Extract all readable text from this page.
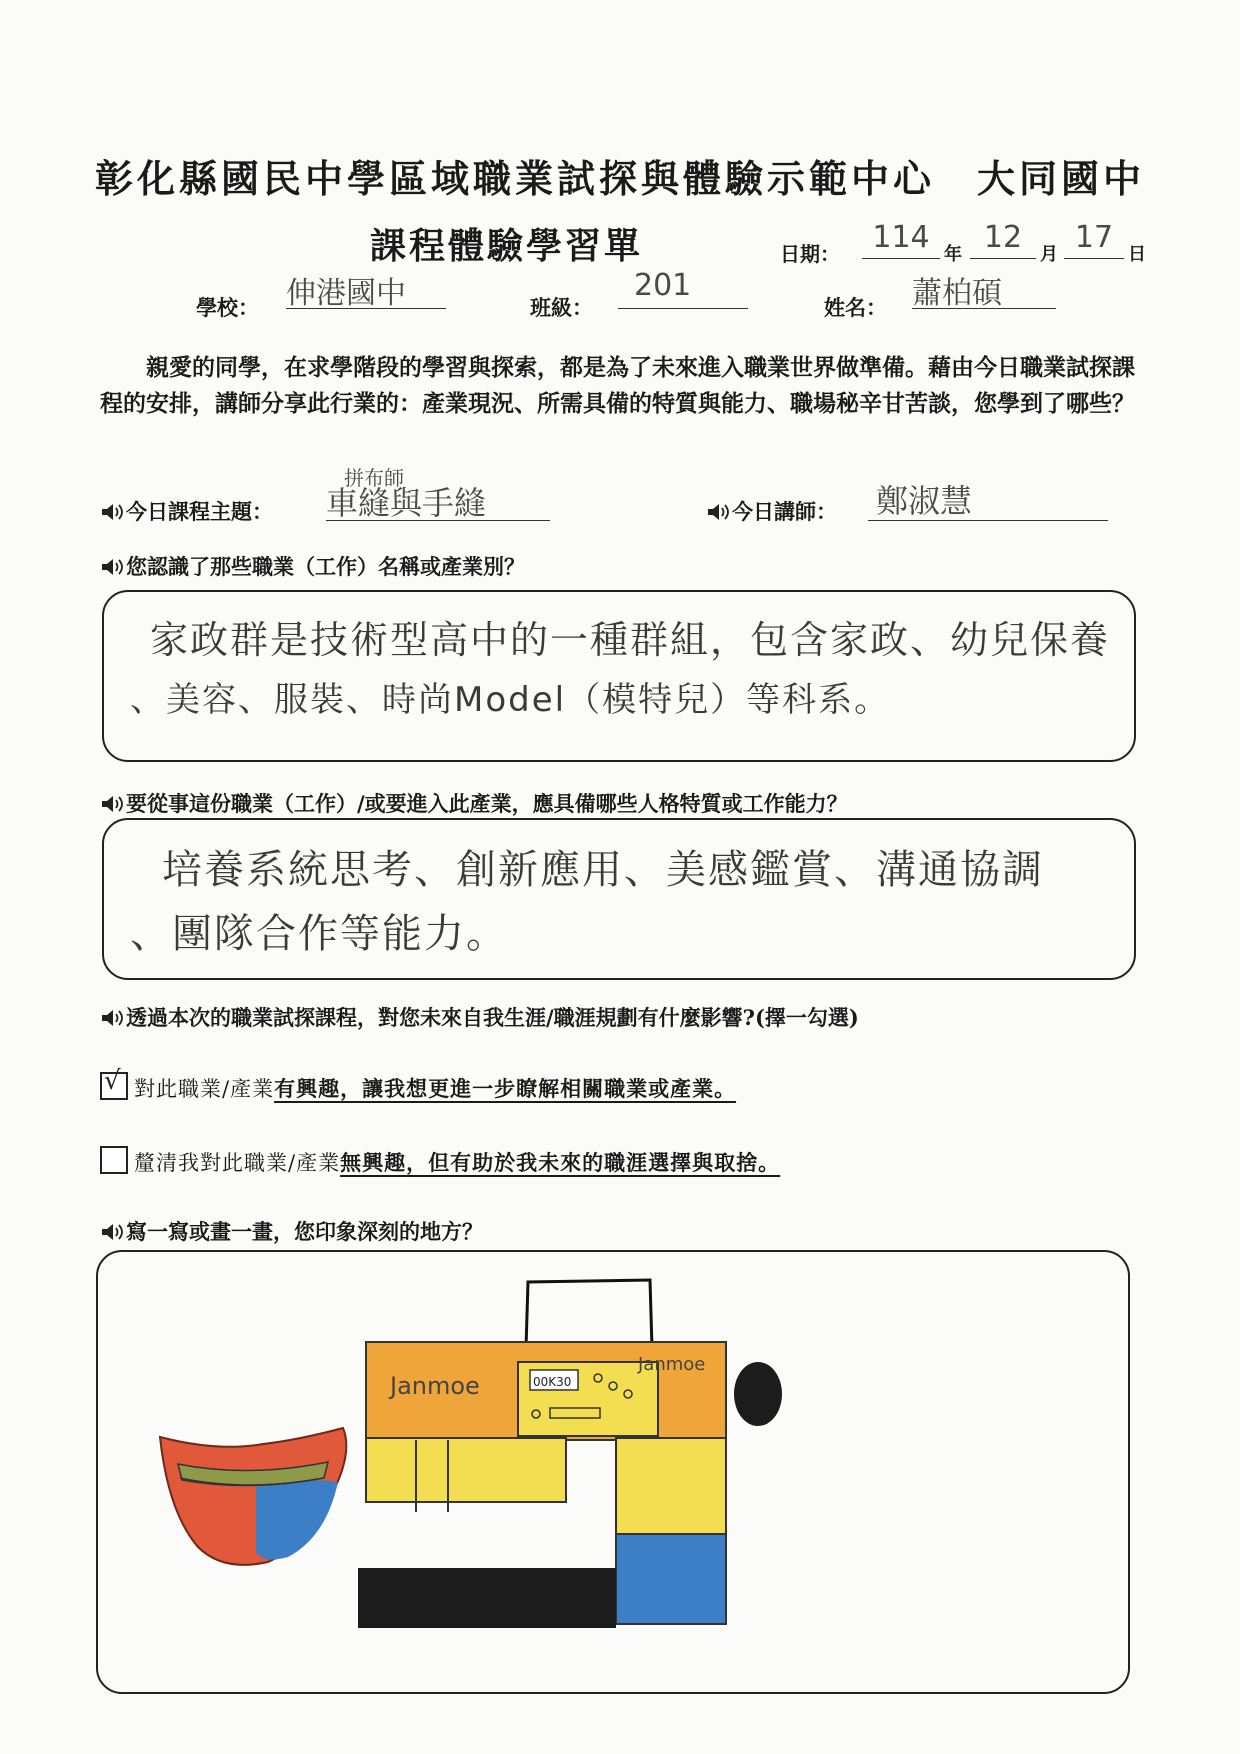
彰化縣國民中學區域職業試探與體驗示範中心　大同國中
課程體驗學習單	日期：	114 年 12 月 17 日
學校： 伸港國中	班級：
201
姓名： 蕭柏碩
親愛的同學，在求學階段的學習與探索，都是為了未來進入職業世界做準備。藉由今日職業試探課程的安排，講師分享此行業的：產業現況、所需具備的特質與能力、職場秘辛甘苦談，您學到了哪些？
拼布師
今日課程主題： 車縫與手縫	今日講師： 鄭淑慧
您認識了那些職業（工作）名稱或產業別？
家政群是技術型高中的一種群組，包含家政、幼兒保養
、美容、服裝、時尚Model（模特兒）等科系。
要從事這份職業（工作）/或要進入此產業，應具備哪些人格特質或工作能力？
培養系統思考、創新應用、美感鑑賞、溝通協調
、團隊合作等能力。
透過本次的職業試探課程，對您未來自我生涯/職涯規劃有什麼影響?(擇一勾選)
√ 對此職業/產業有興趣，讓我想更進一步瞭解相關職業或產業。
釐清我對此職業/產業無興趣，但有助於我未來的職涯選擇與取捨。
寫一寫或畫一畫，您印象深刻的地方？
Janmoe
Janmoe
00K30
